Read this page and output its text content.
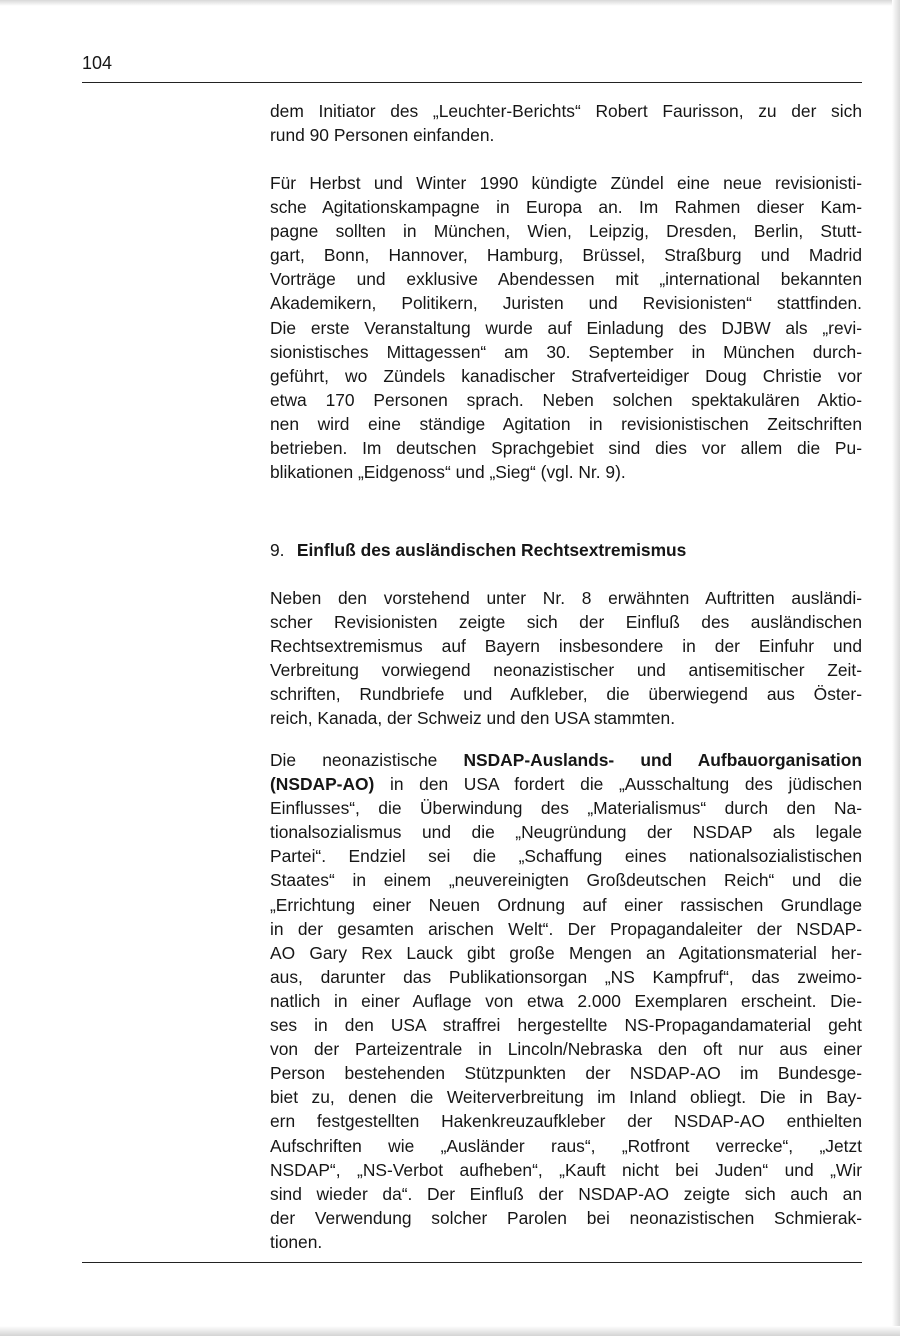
104
dem Initiator des „Leuchter-Berichts“ Robert Faurisson, zu der sich
rund 90 Personen einfanden.
Für Herbst und Winter 1990 kündigte Zündel eine neue revisionisti-
sche Agitationskampagne in Europa an. Im Rahmen dieser Kam-
pagne sollten in München, Wien, Leipzig, Dresden, Berlin, Stutt-
gart, Bonn, Hannover, Hamburg, Brüssel, Straßburg und Madrid
Vorträge und exklusive Abendessen mit „international bekannten
Akademikern, Politikern, Juristen und Revisionisten“ stattfinden.
Die erste Veranstaltung wurde auf Einladung des DJBW als „revi-
sionistisches Mittagessen“ am 30. September in München durch-
geführt, wo Zündels kanadischer Strafverteidiger Doug Christie vor
etwa 170 Personen sprach. Neben solchen spektakulären Aktio-
nen wird eine ständige Agitation in revisionistischen Zeitschriften
betrieben. Im deutschen Sprachgebiet sind dies vor allem die Pu-
blikationen „Eidgenoss“ und „Sieg“ (vgl. Nr. 9).
9. Einfluß des ausländischen Rechtsextremismus
Neben den vorstehend unter Nr. 8 erwähnten Auftritten ausländi-
scher Revisionisten zeigte sich der Einfluß des ausländischen
Rechtsextremismus auf Bayern insbesondere in der Einfuhr und
Verbreitung vorwiegend neonazistischer und antisemitischer Zeit-
schriften, Rundbriefe und Aufkleber, die überwiegend aus Öster-
reich, Kanada, der Schweiz und den USA stammten.
Die neonazistische NSDAP-Auslands- und Aufbauorganisation
(NSDAP-AO) in den USA fordert die „Ausschaltung des jüdischen
Einflusses“, die Überwindung des „Materialismus“ durch den Na-
tionalsozialismus und die „Neugründung der NSDAP als legale
Partei“. Endziel sei die „Schaffung eines nationalsozialistischen
Staates“ in einem „neuvereinigten Großdeutschen Reich“ und die
„Errichtung einer Neuen Ordnung auf einer rassischen Grundlage
in der gesamten arischen Welt“. Der Propagandaleiter der NSDAP-
AO Gary Rex Lauck gibt große Mengen an Agitationsmaterial her-
aus, darunter das Publikationsorgan „NS Kampfruf“, das zweimo-
natlich in einer Auflage von etwa 2.000 Exemplaren erscheint. Die-
ses in den USA straffrei hergestellte NS-Propagandamaterial geht
von der Parteizentrale in Lincoln/Nebraska den oft nur aus einer
Person bestehenden Stützpunkten der NSDAP-AO im Bundesge-
biet zu, denen die Weiterverbreitung im Inland obliegt. Die in Bay-
ern festgestellten Hakenkreuzaufkleber der NSDAP-AO enthielten
Aufschriften wie „Ausländer raus“, „Rotfront verrecke“, „Jetzt
NSDAP“, „NS-Verbot aufheben“, „Kauft nicht bei Juden“ und „Wir
sind wieder da“. Der Einfluß der NSDAP-AO zeigte sich auch an
der Verwendung solcher Parolen bei neonazistischen Schmierak-
tionen.
